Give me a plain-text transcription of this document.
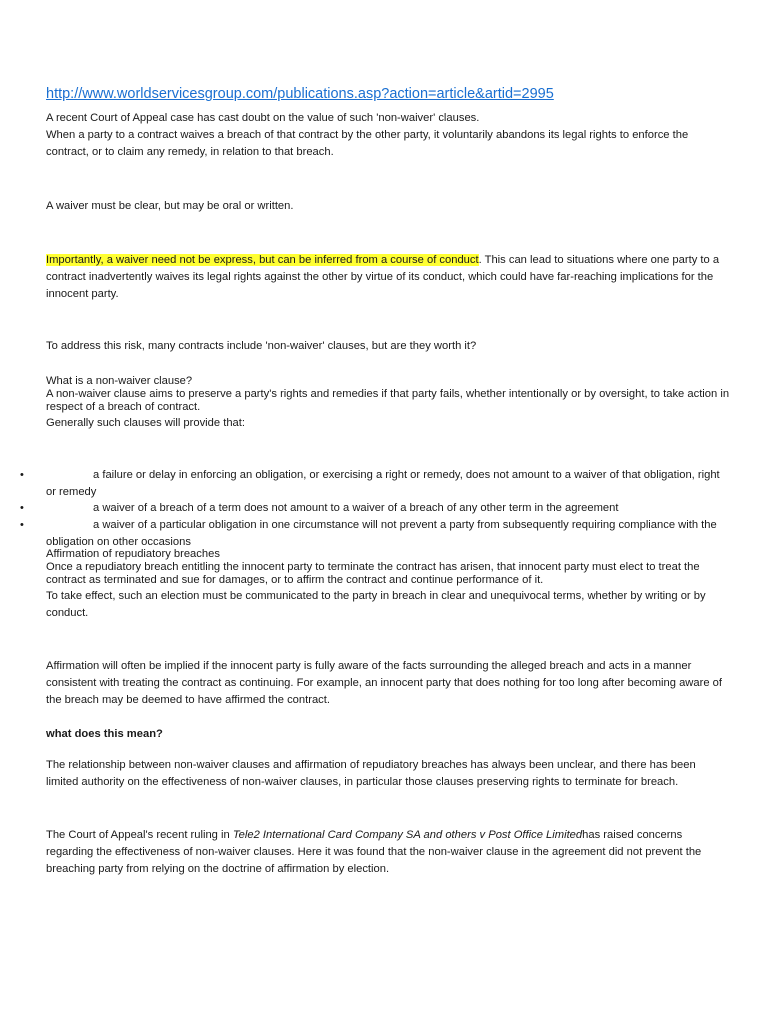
http://www.worldservicesgroup.com/publications.asp?action=article&artid=2995
A recent Court of Appeal case has cast doubt on the value of such 'non-waiver' clauses.
When a party to a contract waives a breach of that contract by the other party, it voluntarily abandons its legal rights to enforce the contract, or to claim any remedy, in relation to that breach.
A waiver must be clear, but may be oral or written.
Importantly, a waiver need not be express, but can be inferred from a course of conduct. This can lead to situations where one party to a contract inadvertently waives its legal rights against the other by virtue of its conduct, which could have far-reaching implications for the innocent party.
To address this risk, many contracts include 'non-waiver' clauses, but are they worth it?
What is a non-waiver clause?
A non-waiver clause aims to preserve a party's rights and remedies if that party fails, whether intentionally or by oversight, to take action in respect of a breach of contract.
Generally such clauses will provide that:
•	a failure or delay in enforcing an obligation, or exercising a right or remedy, does not amount to a waiver of that obligation, right or remedy
•	a waiver of a breach of a term does not amount to a waiver of a breach of any other term in the agreement
•	a waiver of a particular obligation in one circumstance will not prevent a party from subsequently requiring compliance with the obligation on other occasions
Affirmation of repudiatory breaches
Once a repudiatory breach entitling the innocent party to terminate the contract has arisen, that innocent party must elect to treat the contract as terminated and sue for damages, or to affirm the contract and continue performance of it.
To take effect, such an election must be communicated to the party in breach in clear and unequivocal terms, whether by writing or by conduct.
Affirmation will often be implied if the innocent party is fully aware of the facts surrounding the alleged breach and acts in a manner consistent with treating the contract as continuing. For example, an innocent party that does nothing for too long after becoming aware of the breach may be deemed to have affirmed the contract.
what does this mean?
The relationship between non-waiver clauses and affirmation of repudiatory breaches has always been unclear, and there has been limited authority on the effectiveness of non-waiver clauses, in particular those clauses preserving rights to terminate for breach.
The Court of Appeal's recent ruling in Tele2 International Card Company SA and others v Post Office Limitedhas raised concerns regarding the effectiveness of non-waiver clauses. Here it was found that the non-waiver clause in the agreement did not prevent the breaching party from relying on the doctrine of affirmation by election.
